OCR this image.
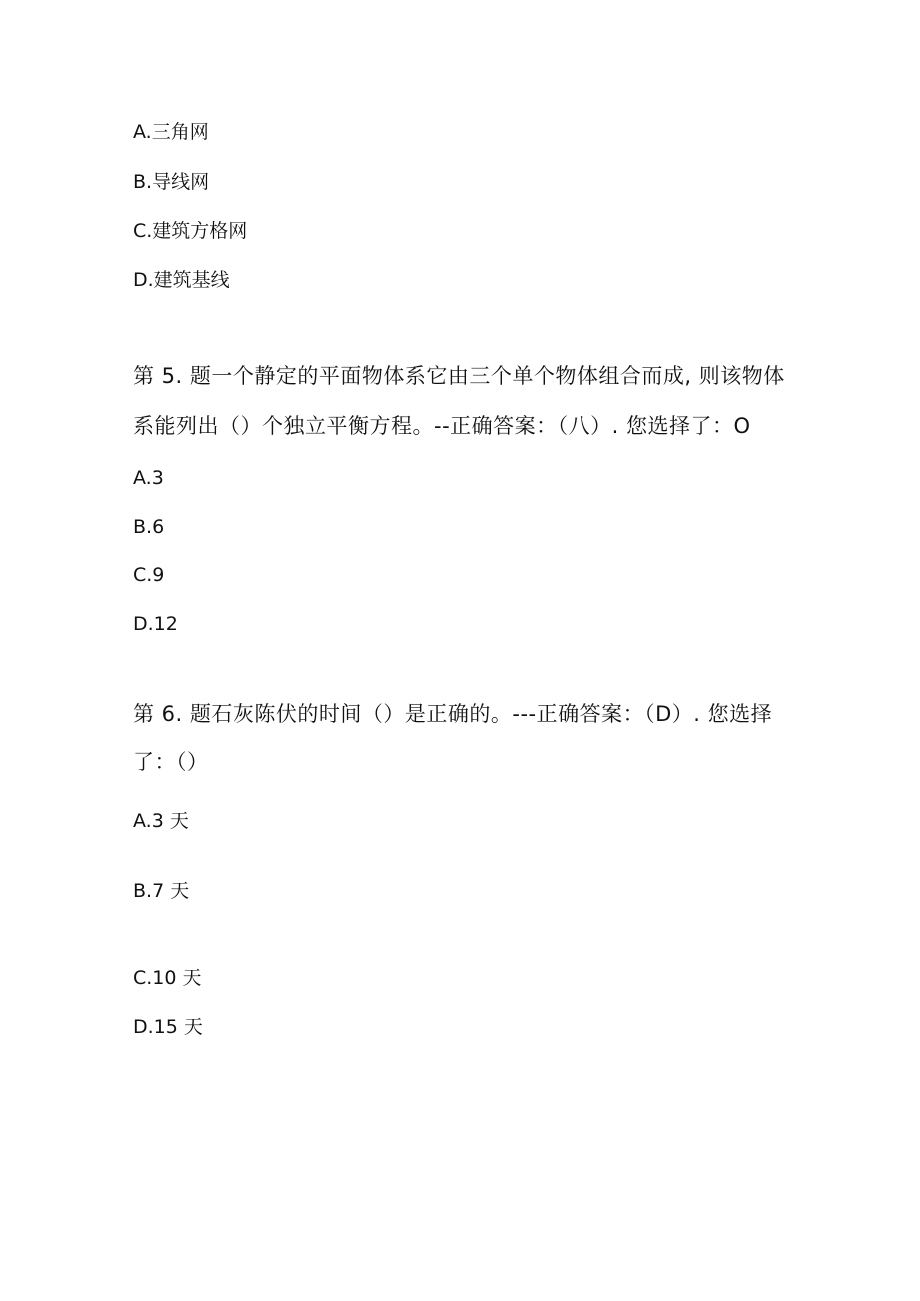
A.三角网
B.导线网
C.建筑方格网
D.建筑基线
第 5. 题一个静定的平面物体系它由三个单个物体组合而成, 则该物体
系能列出（）个独立平衡方程。--正确答案：（八）. 您选择了：O
A.3
B.6
C.9
D.12
第 6. 题石灰陈伏的时间（）是正确的。---正确答案：（D）. 您选择
了：（）
A.3 天
B.7 天
C.10 天
D.15 天
